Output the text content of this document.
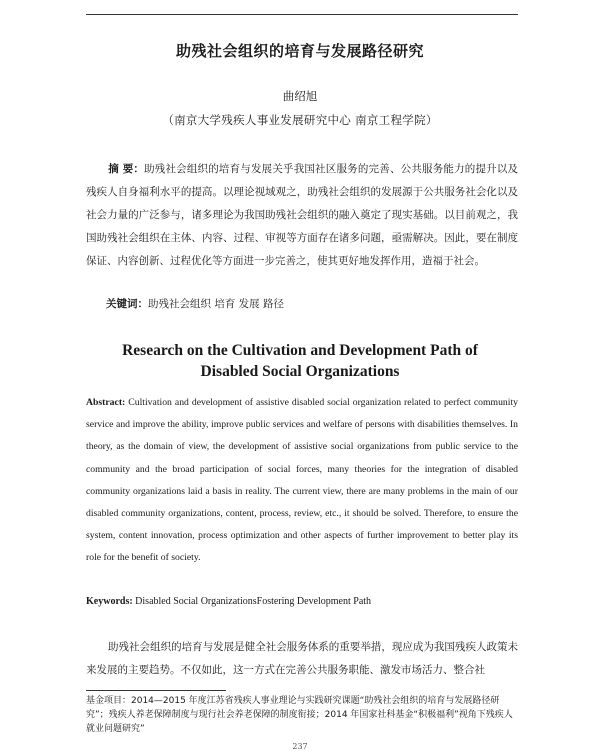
助残社会组织的培育与发展路径研究
曲绍旭
（南京大学残疾人事业发展研究中心 南京工程学院）
摘 要：助残社会组织的培育与发展关乎我国社区服务的完善、公共服务能力的提升以及残疾人自身福利水平的提高。以理论视域观之，助残社会组织的发展源于公共服务社会化以及社会力量的广泛参与，诸多理论为我国助残社会组织的融入奠定了现实基础。以目前观之，我国助残社会组织在主体、内容、过程、审视等方面存在诸多问题，亟需解决。因此，要在制度保证、内容创新、过程优化等方面进一步完善之，使其更好地发挥作用，造福于社会。
关键词：助残社会组织 培育 发展 路径
Research on the Cultivation and Development Path of
Disabled Social Organizations
Abstract: Cultivation and development of assistive disabled social organization related to perfect community service and improve the ability, improve public services and welfare of persons with disabilities themselves. In theory, as the domain of view, the development of assistive social organizations from public service to the community and the broad participation of social forces, many theories for the integration of disabled community organizations laid a basis in reality. The current view, there are many problems in the main of our disabled community organizations, content, process, review, etc., it should be solved. Therefore, to ensure the system, content innovation, process optimization and other aspects of further improvement to better play its role for the benefit of society.
Keywords: Disabled Social OrganizationsFostering Development Path
助残社会组织的培育与发展是健全社会服务体系的重要举措，现应成为我国残疾人政策未来发展的主要趋势。不仅如此，这一方式在完善公共服务职能、激发市场活力、整合社
基金项目：2014—2015 年度江苏省残疾人事业理论与实践研究课题“助残社会组织的培育与发展路径研究”；残疾人养老保障制度与现行社会养老保障的制度衔接；2014 年国家社科基金“积极福利”视角下残疾人就业问题研究”
237
